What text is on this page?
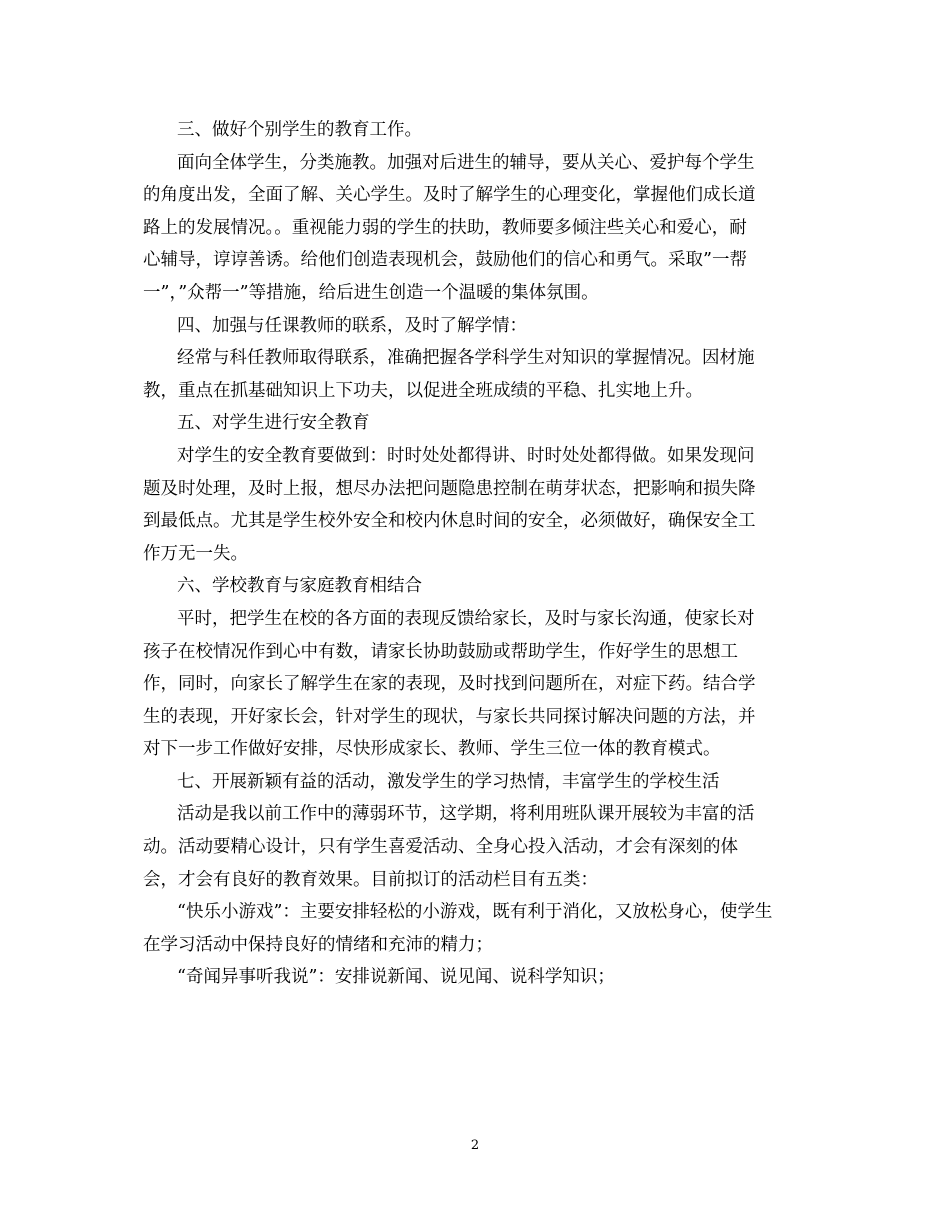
三、做好个别学生的教育工作。
面向全体学生，分类施教。加强对后进生的辅导，要从关心、爱护每个学生
的角度出发，全面了解、关心学生。及时了解学生的心理变化，掌握他们成长道
路上的发展情况。。重视能力弱的学生的扶助，教师要多倾注些关心和爱心，耐
心辅导，谆谆善诱。给他们创造表现机会，鼓励他们的信心和勇气。采取”一帮
一”，”众帮一”等措施，给后进生创造一个温暖的集体氛围。
四、加强与任课教师的联系，及时了解学情：
经常与科任教师取得联系，准确把握各学科学生对知识的掌握情况。因材施
教，重点在抓基础知识上下功夫，以促进全班成绩的平稳、扎实地上升。
五、对学生进行安全教育
对学生的安全教育要做到：时时处处都得讲、时时处处都得做。如果发现问
题及时处理，及时上报，想尽办法把问题隐患控制在萌芽状态，把影响和损失降
到最低点。尤其是学生校外安全和校内休息时间的安全，必须做好，确保安全工
作万无一失。
六、学校教育与家庭教育相结合
平时，把学生在校的各方面的表现反馈给家长，及时与家长沟通，使家长对
孩子在校情况作到心中有数，请家长协助鼓励或帮助学生，作好学生的思想工
作，同时，向家长了解学生在家的表现，及时找到问题所在，对症下药。结合学
生的表现，开好家长会，针对学生的现状，与家长共同探讨解决问题的方法，并
对下一步工作做好安排，尽快形成家长、教师、学生三位一体的教育模式。
七、开展新颖有益的活动，激发学生的学习热情，丰富学生的学校生活
活动是我以前工作中的薄弱环节，这学期，将利用班队课开展较为丰富的活
动。活动要精心设计，只有学生喜爱活动、全身心投入活动，才会有深刻的体
会，才会有良好的教育效果。目前拟订的活动栏目有五类：
“快乐小游戏”：主要安排轻松的小游戏，既有利于消化，又放松身心，使学生
在学习活动中保持良好的情绪和充沛的精力；
“奇闻异事听我说”：安排说新闻、说见闻、说科学知识；
2
